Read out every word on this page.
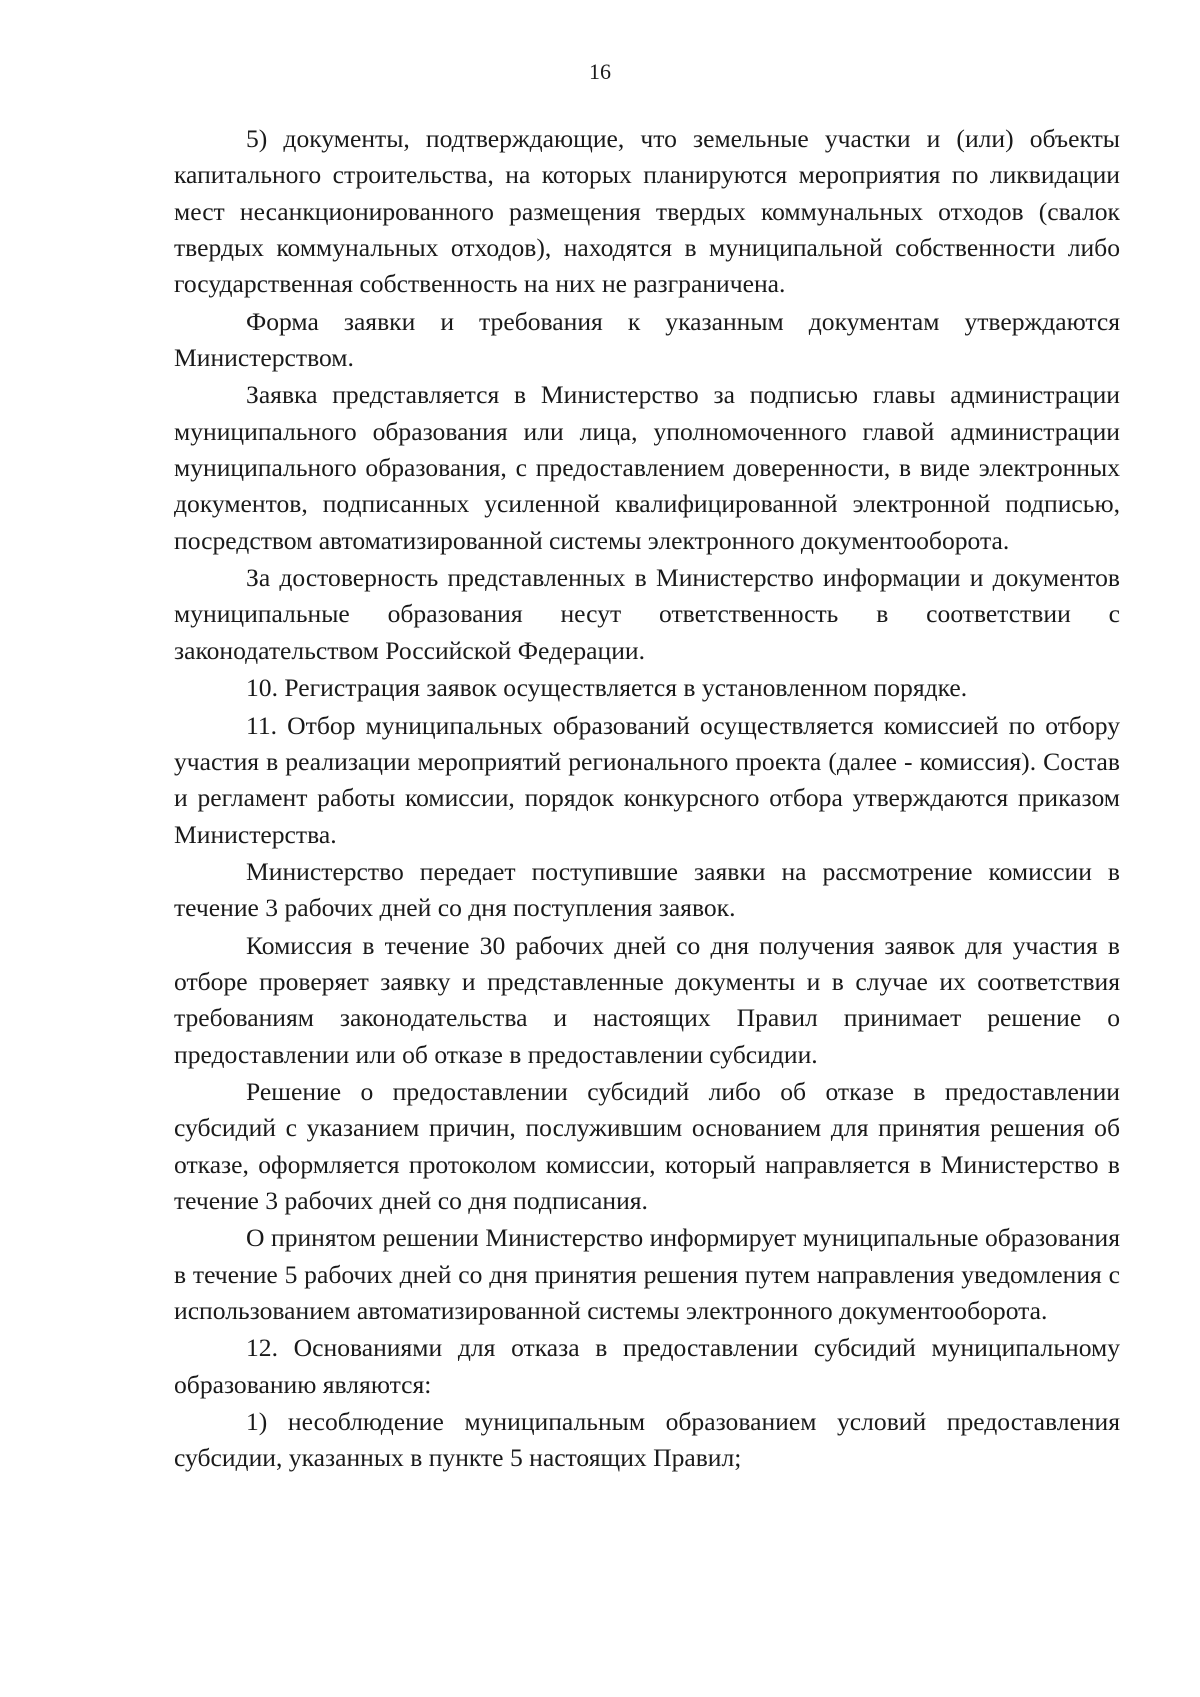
16

5) документы, подтверждающие, что земельные участки и (или) объекты капитального строительства, на которых планируются мероприятия по ликвидации мест несанкционированного размещения твердых коммунальных отходов (свалок твердых коммунальных отходов), находятся в муниципальной собственности либо государственная собственность на них не разграничена.

Форма заявки и требования к указанным документам утверждаются Министерством.

Заявка представляется в Министерство за подписью главы администрации муниципального образования или лица, уполномоченного главой администрации муниципального образования, с предоставлением доверенности, в виде электронных документов, подписанных усиленной квалифицированной электронной подписью, посредством автоматизированной системы электронного документооборота.

За достоверность представленных в Министерство информации и документов муниципальные образования несут ответственность в соответствии с законодательством Российской Федерации.

10. Регистрация заявок осуществляется в установленном порядке.

11. Отбор муниципальных образований осуществляется комиссией по отбору участия в реализации мероприятий регионального проекта (далее - комиссия). Состав и регламент работы комиссии, порядок конкурсного отбора утверждаются приказом Министерства.

Министерство передает поступившие заявки на рассмотрение комиссии в течение 3 рабочих дней со дня поступления заявок.

Комиссия в течение 30 рабочих дней со дня получения заявок для участия в отборе проверяет заявку и представленные документы и в случае их соответствия требованиям законодательства и настоящих Правил принимает решение о предоставлении или об отказе в предоставлении субсидии.

Решение о предоставлении субсидий либо об отказе в предоставлении субсидий с указанием причин, послужившим основанием для принятия решения об отказе, оформляется протоколом комиссии, который направляется в Министерство в течение 3 рабочих дней со дня подписания.

О принятом решении Министерство информирует муниципальные образования в течение 5 рабочих дней со дня принятия решения путем направления уведомления с использованием автоматизированной системы электронного документооборота.

12. Основаниями для отказа в предоставлении субсидий муниципальному образованию являются:

1) несоблюдение муниципальным образованием условий предоставления субсидии, указанных в пункте 5 настоящих Правил;
